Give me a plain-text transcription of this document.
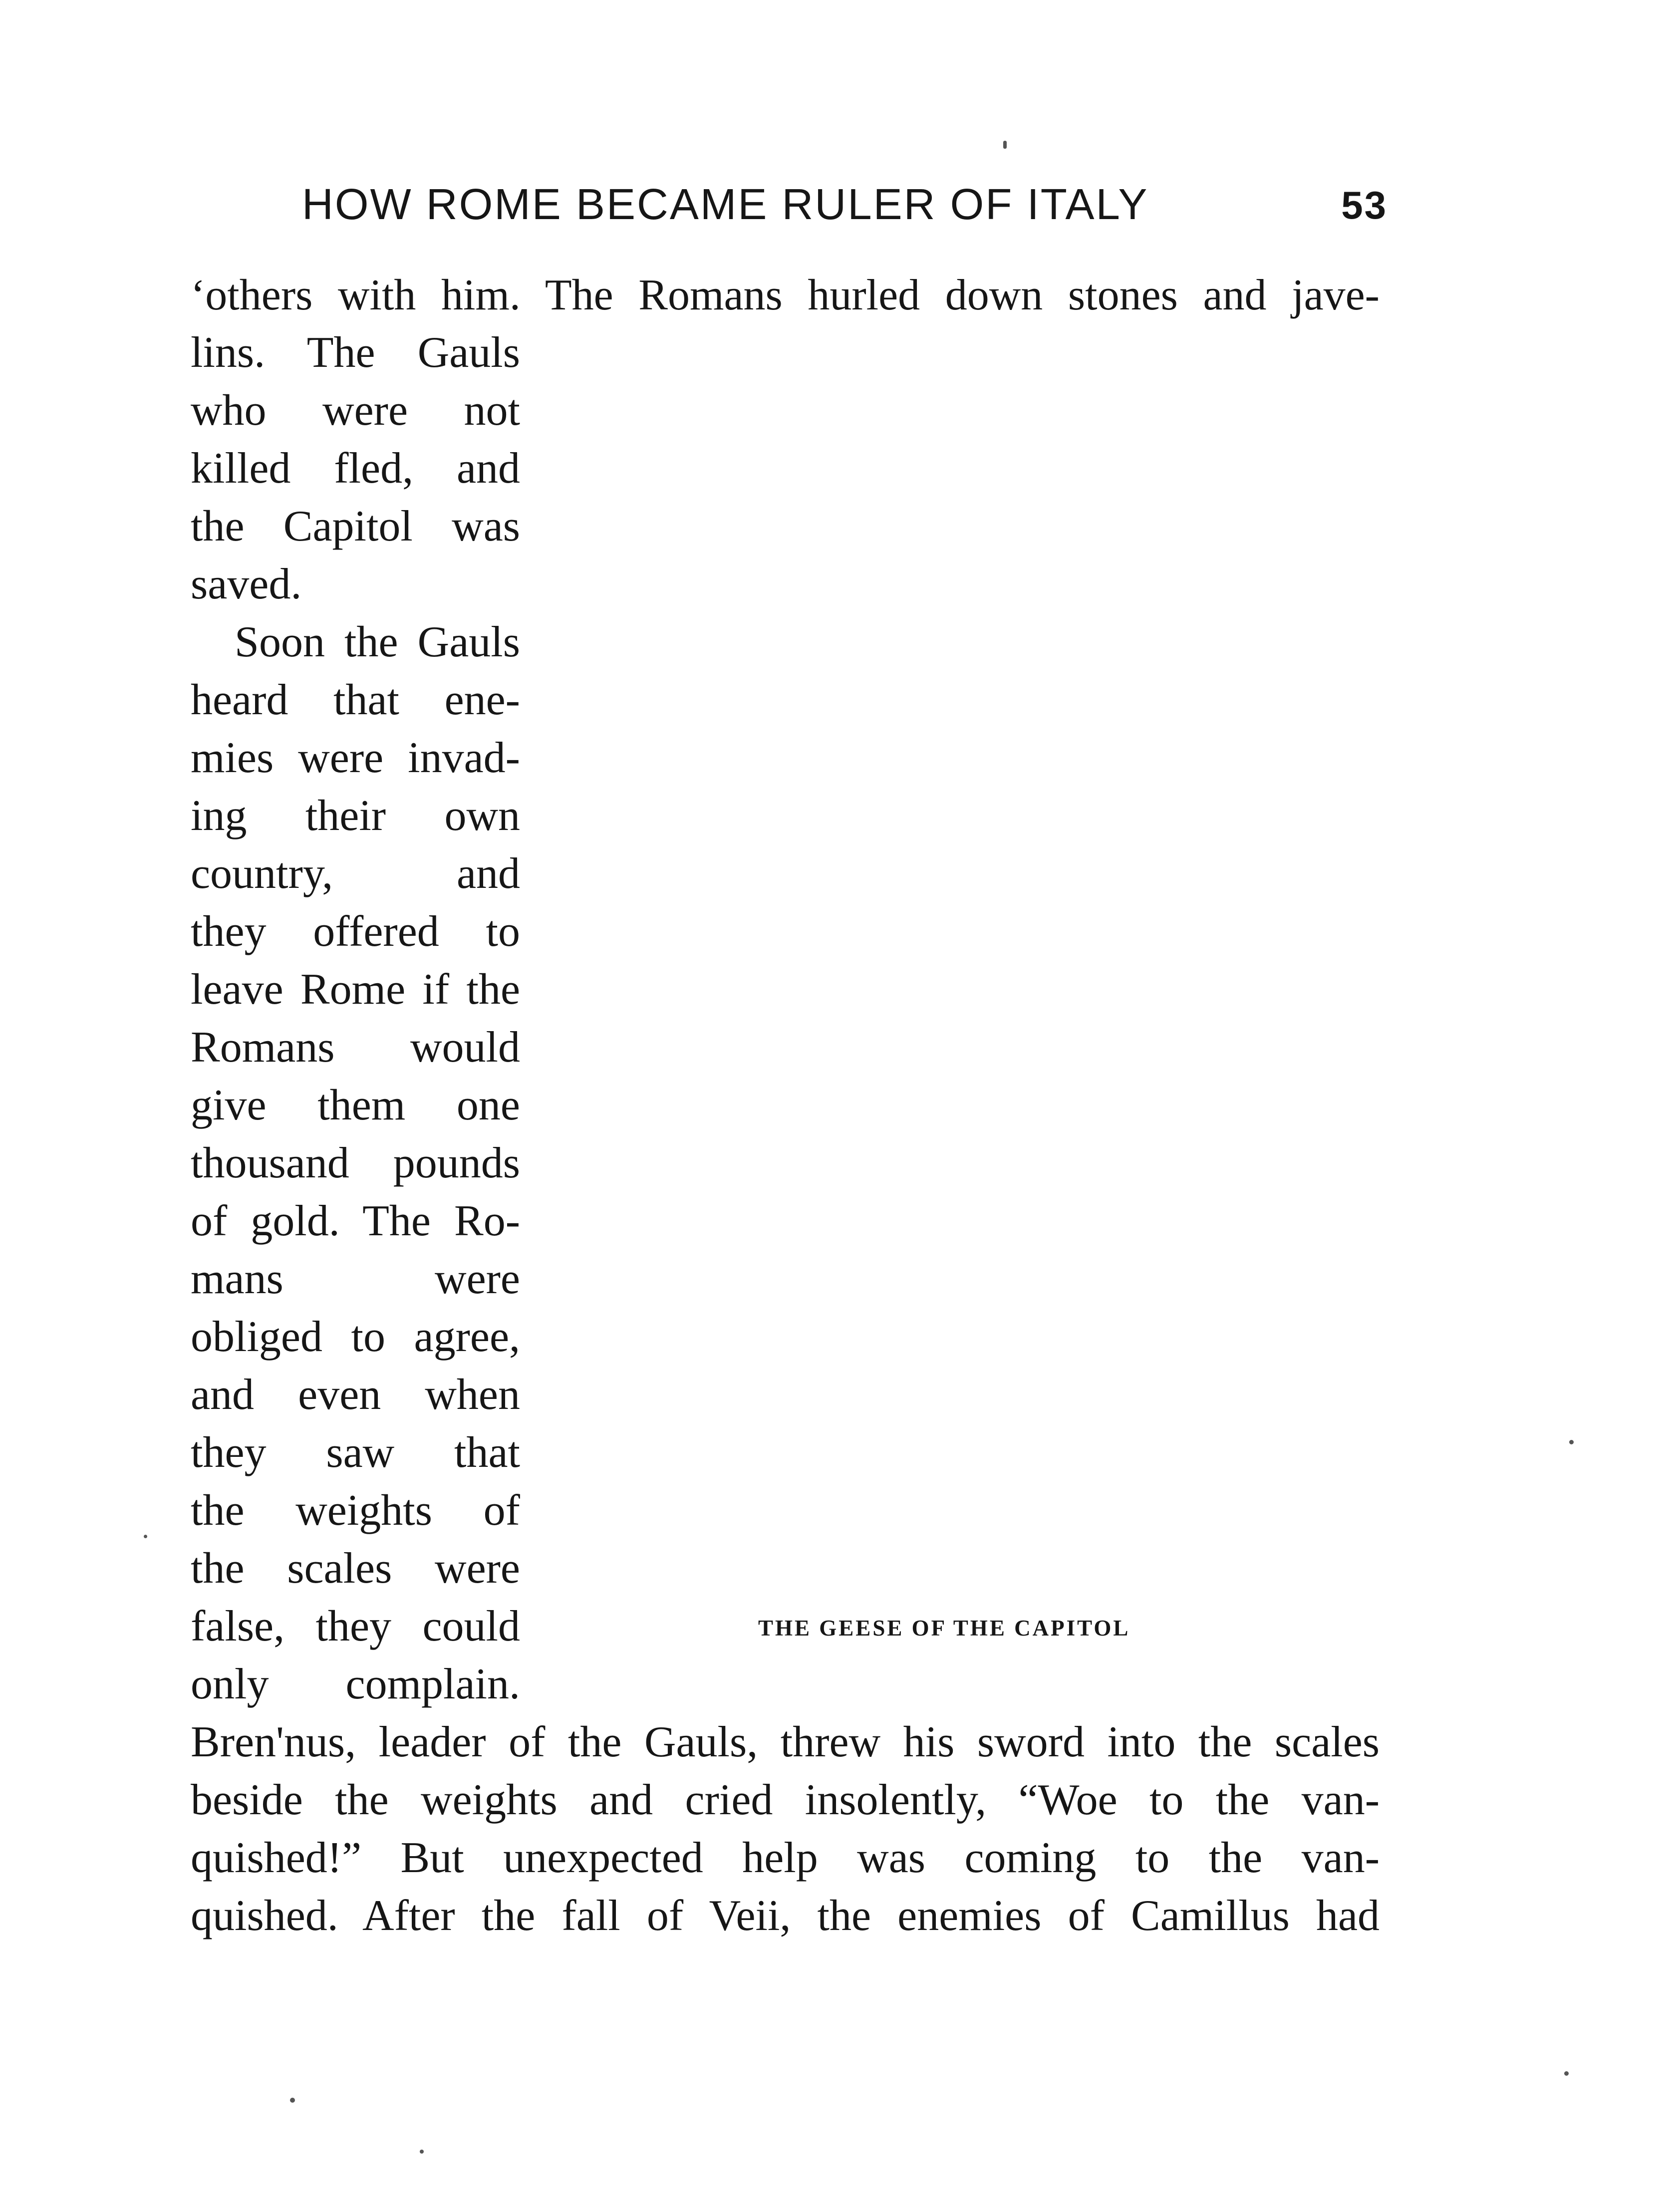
HOW ROME BECAME RULER OF ITALY	53
‘others with him. The Romans hurled down stones and jave-
lins. The Gauls
who were not
killed fled, and
the Capitol was
saved.
Soon the Gauls
heard that ene-
mies were invad-
ing their own
country, and
they offered to
leave Rome if the
Romans would
give them one
thousand pounds
of gold. The Ro-
mans were
obliged to agree,
and even when
they saw that
the weights of
the scales were
false, they could
only complain.
THE GEESE OF THE CAPITOL
Bren'nus, leader of the Gauls, threw his sword into the scales
beside the weights and cried insolently, “Woe to the van-
quished!” But unexpected help was coming to the van-
quished. After the fall of Veii, the enemies of Camillus had
